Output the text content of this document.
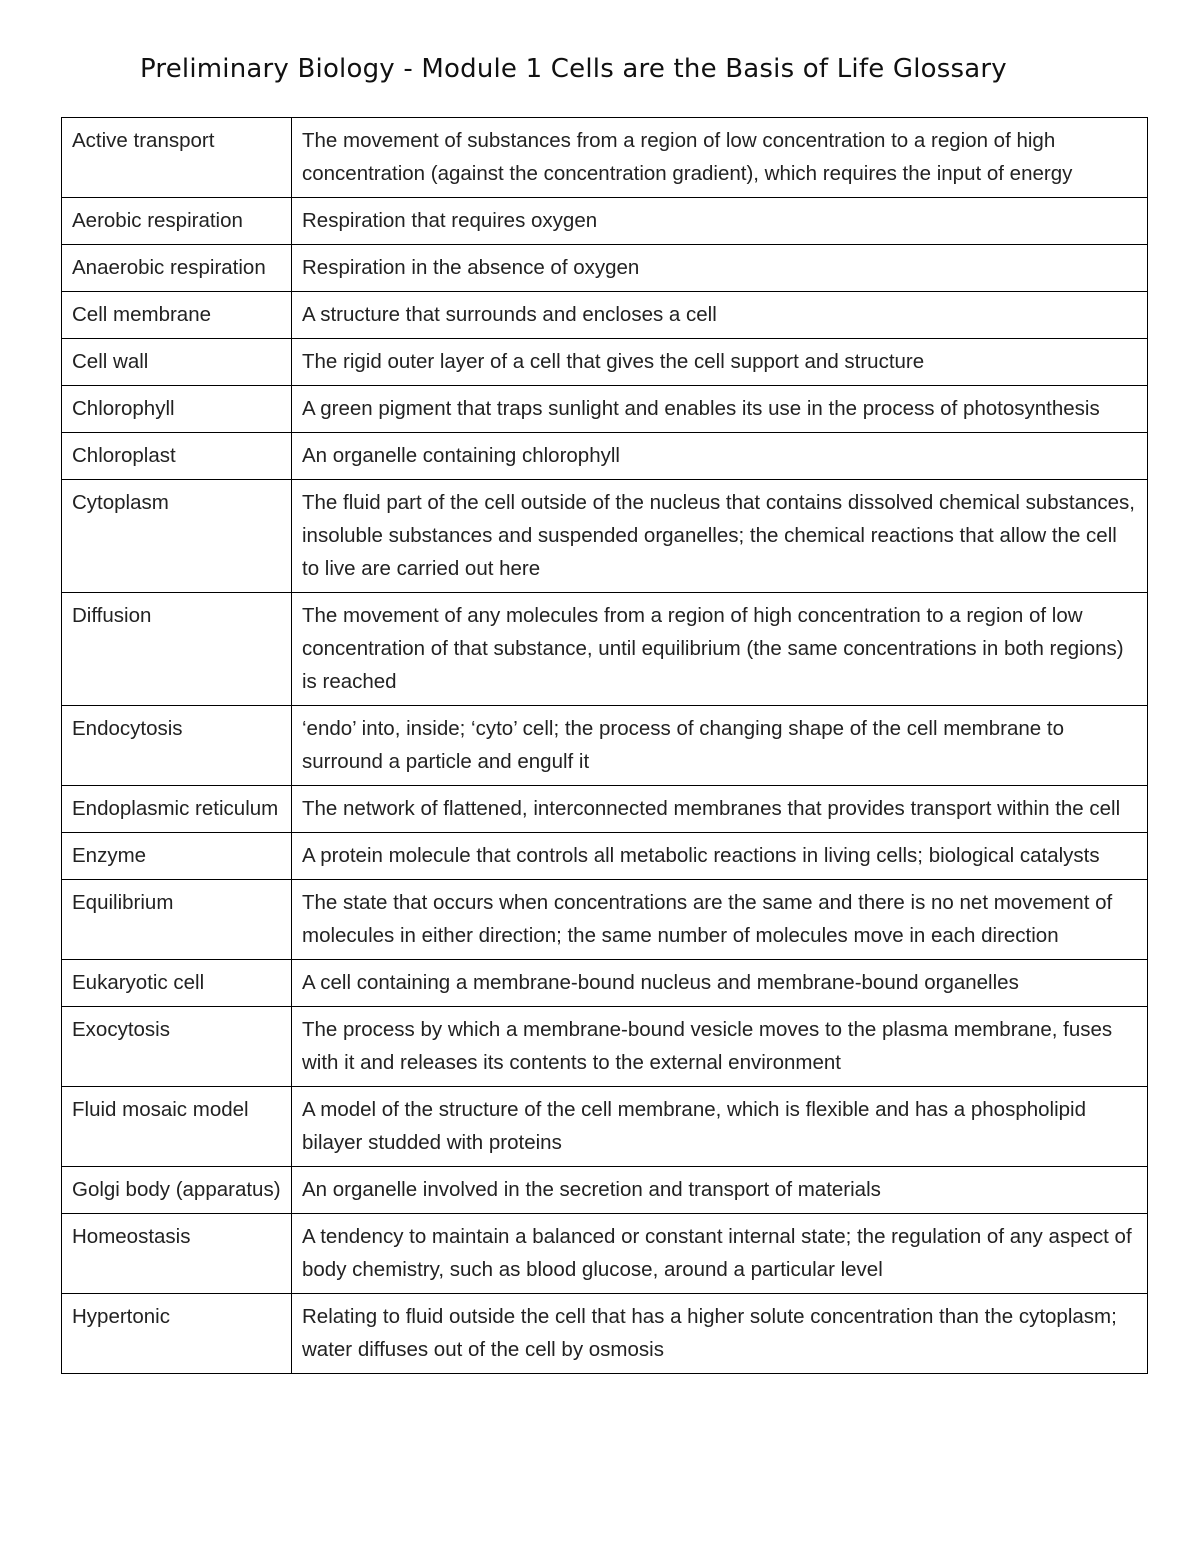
Preliminary Biology - Module 1 Cells are the Basis of Life Glossary
Active transport	The movement of substances from a region of low concentration to a region of high concentration (against the concentration gradient), which requires the input of energy
Aerobic respiration	Respiration that requires oxygen
Anaerobic respiration	Respiration in the absence of oxygen
Cell membrane	A structure that surrounds and encloses a cell
Cell wall	The rigid outer layer of a cell that gives the cell support and structure
Chlorophyll	A green pigment that traps sunlight and enables its use in the process of photosynthesis
Chloroplast	An organelle containing chlorophyll
Cytoplasm	The fluid part of the cell outside of the nucleus that contains dissolved chemical substances, insoluble substances and suspended organelles; the chemical reactions that allow the cell to live are carried out here
Diffusion	The movement of any molecules from a region of high concentration to a region of low concentration of that substance, until equilibrium (the same concentrations in both regions) is reached
Endocytosis	‘endo’ into, inside; ‘cyto’ cell; the process of changing shape of the cell membrane to surround a particle and engulf it
Endoplasmic reticulum	The network of flattened, interconnected membranes that provides transport within the cell
Enzyme	A protein molecule that controls all metabolic reactions in living cells; biological catalysts
Equilibrium	The state that occurs when concentrations are the same and there is no net movement of molecules in either direction; the same number of molecules move in each direction
Eukaryotic cell	A cell containing a membrane-bound nucleus and membrane-bound organelles
Exocytosis	The process by which a membrane-bound vesicle moves to the plasma membrane, fuses with it and releases its contents to the external environment
Fluid mosaic model	A model of the structure of the cell membrane, which is flexible and has a phospholipid bilayer studded with proteins
Golgi body (apparatus)	An organelle involved in the secretion and transport of materials
Homeostasis	A tendency to maintain a balanced or constant internal state; the regulation of any aspect of body chemistry, such as blood glucose, around a particular level
Hypertonic	Relating to fluid outside the cell that has a higher solute concentration than the cytoplasm; water diffuses out of the cell by osmosis
